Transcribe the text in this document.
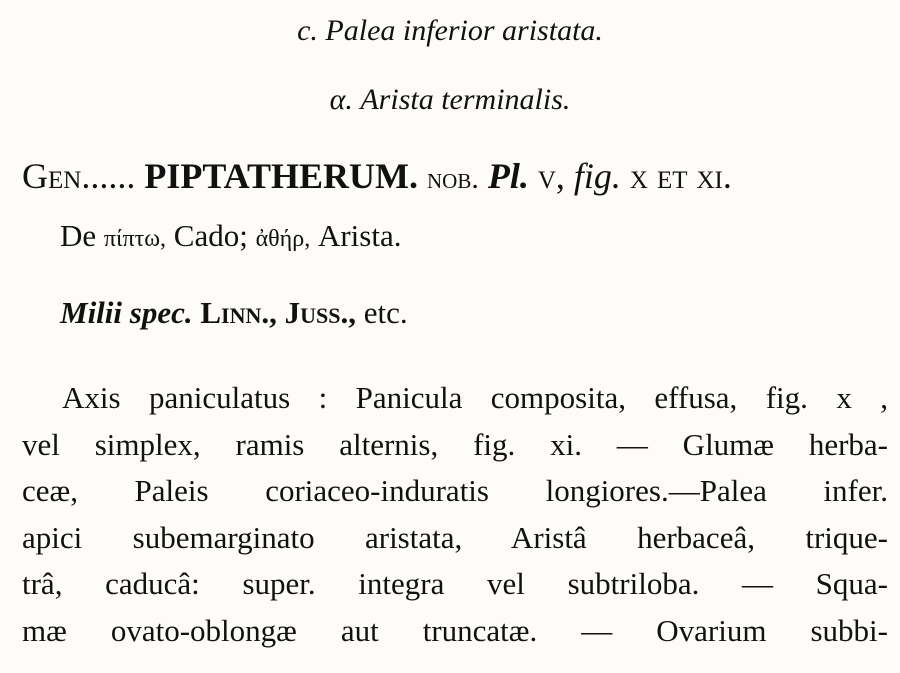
c. Palea inferior aristata.
α. Arista terminalis.
Gen...... PIPTATHERUM. nob. Pl. v, fig. x et xi.
De πίπτω, Cado; ἀθήρ, Arista.
Milii spec. Linn., Juss., etc.
Axis paniculatus : Panicula composita, effusa, fig. x ,
vel simplex, ramis alternis, fig. xi. — Glumæ herba-
ceæ, Paleis coriaceo-induratis longiores.—Palea infer.
apici subemarginato aristata, Aristâ herbaceâ, trique-
trâ, caducâ: super. integra vel subtriloba. — Squa-
mæ ovato-oblongæ aut truncatæ. — Ovarium subbi-
